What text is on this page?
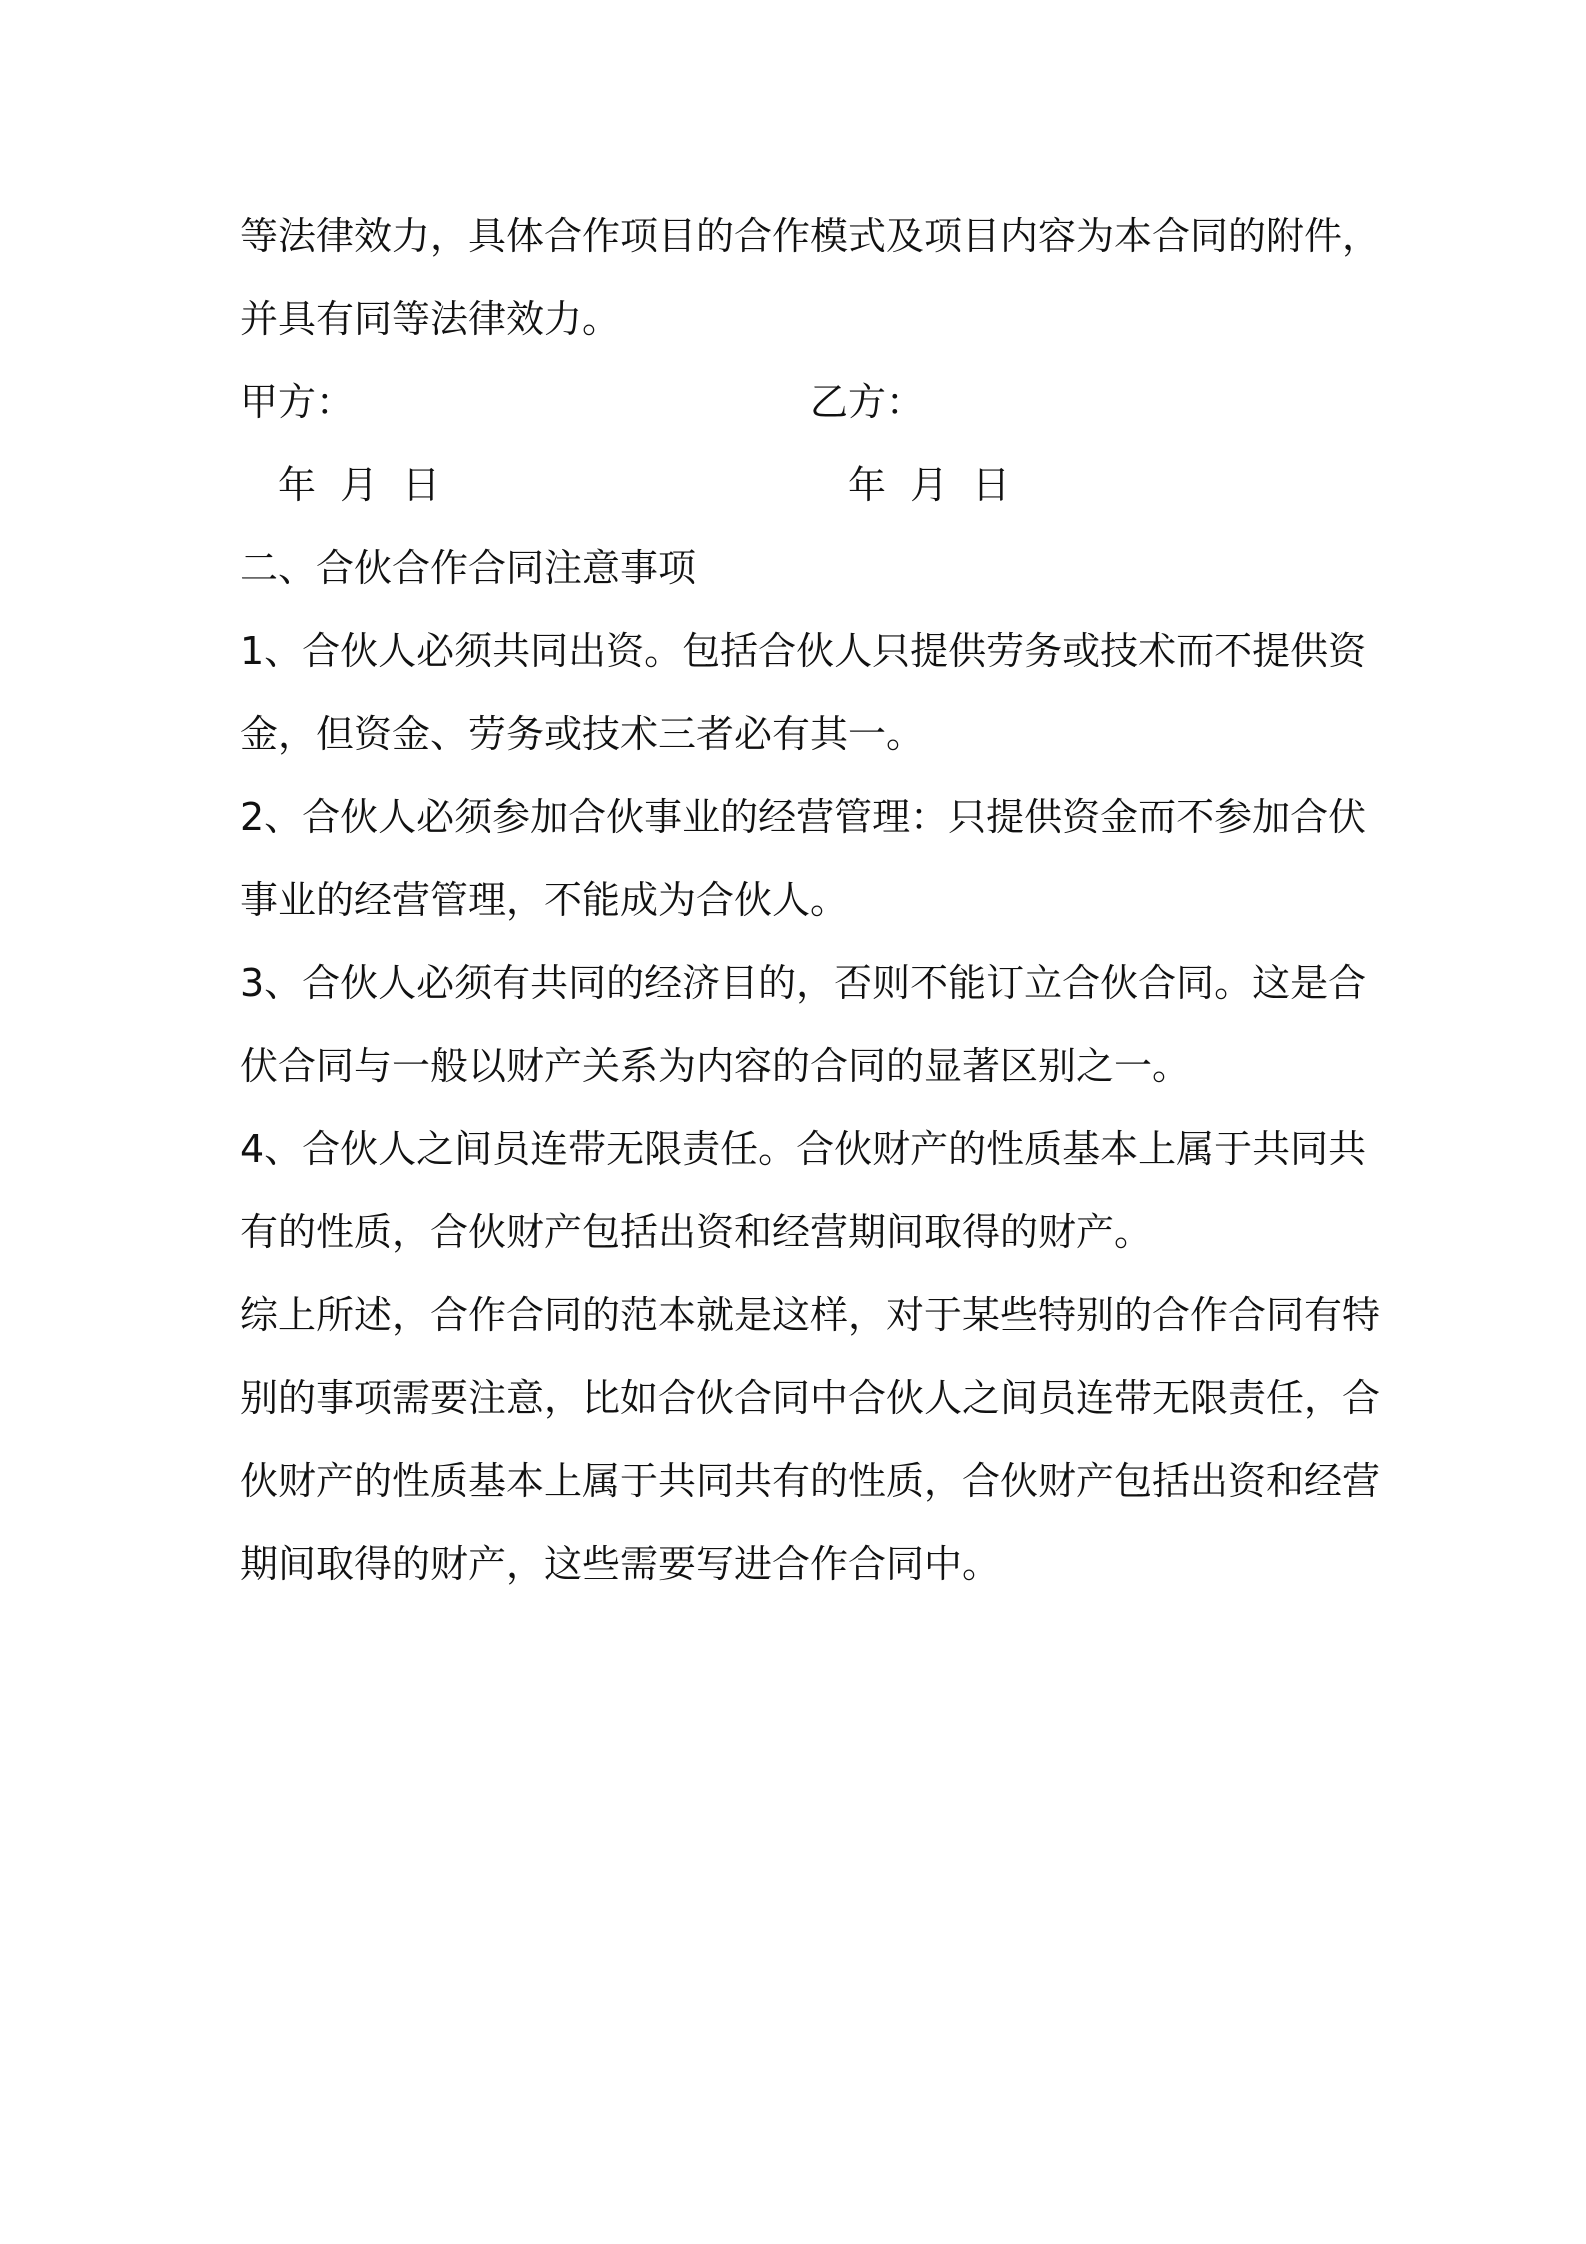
等法律效力，具体合作项目的合作模式及项目内容为本合同的附件，
并具有同等法律效力。
甲方：	乙方：
年 月 日	年 月 日
二、合伙合作合同注意事项
1、合伙人必须共同出资。包括合伙人只提供劳务或技术而不提供资
金，但资金、劳务或技术三者必有其一。
2、合伙人必须参加合伙事业的经营管理：只提供资金而不参加合伏
事业的经营管理，不能成为合伙人。
3、合伙人必须有共同的经济目的，否则不能订立合伙合同。这是合
伏合同与一般以财产关系为内容的合同的显著区别之一。
4、合伙人之间员连带无限责任。合伙财产的性质基本上属于共同共
有的性质，合伙财产包括出资和经营期间取得的财产。
综上所述，合作合同的范本就是这样，对于某些特别的合作合同有特
别的事项需要注意，比如合伙合同中合伙人之间员连带无限责任，合
伙财产的性质基本上属于共同共有的性质，合伙财产包括出资和经营
期间取得的财产，这些需要写进合作合同中。
